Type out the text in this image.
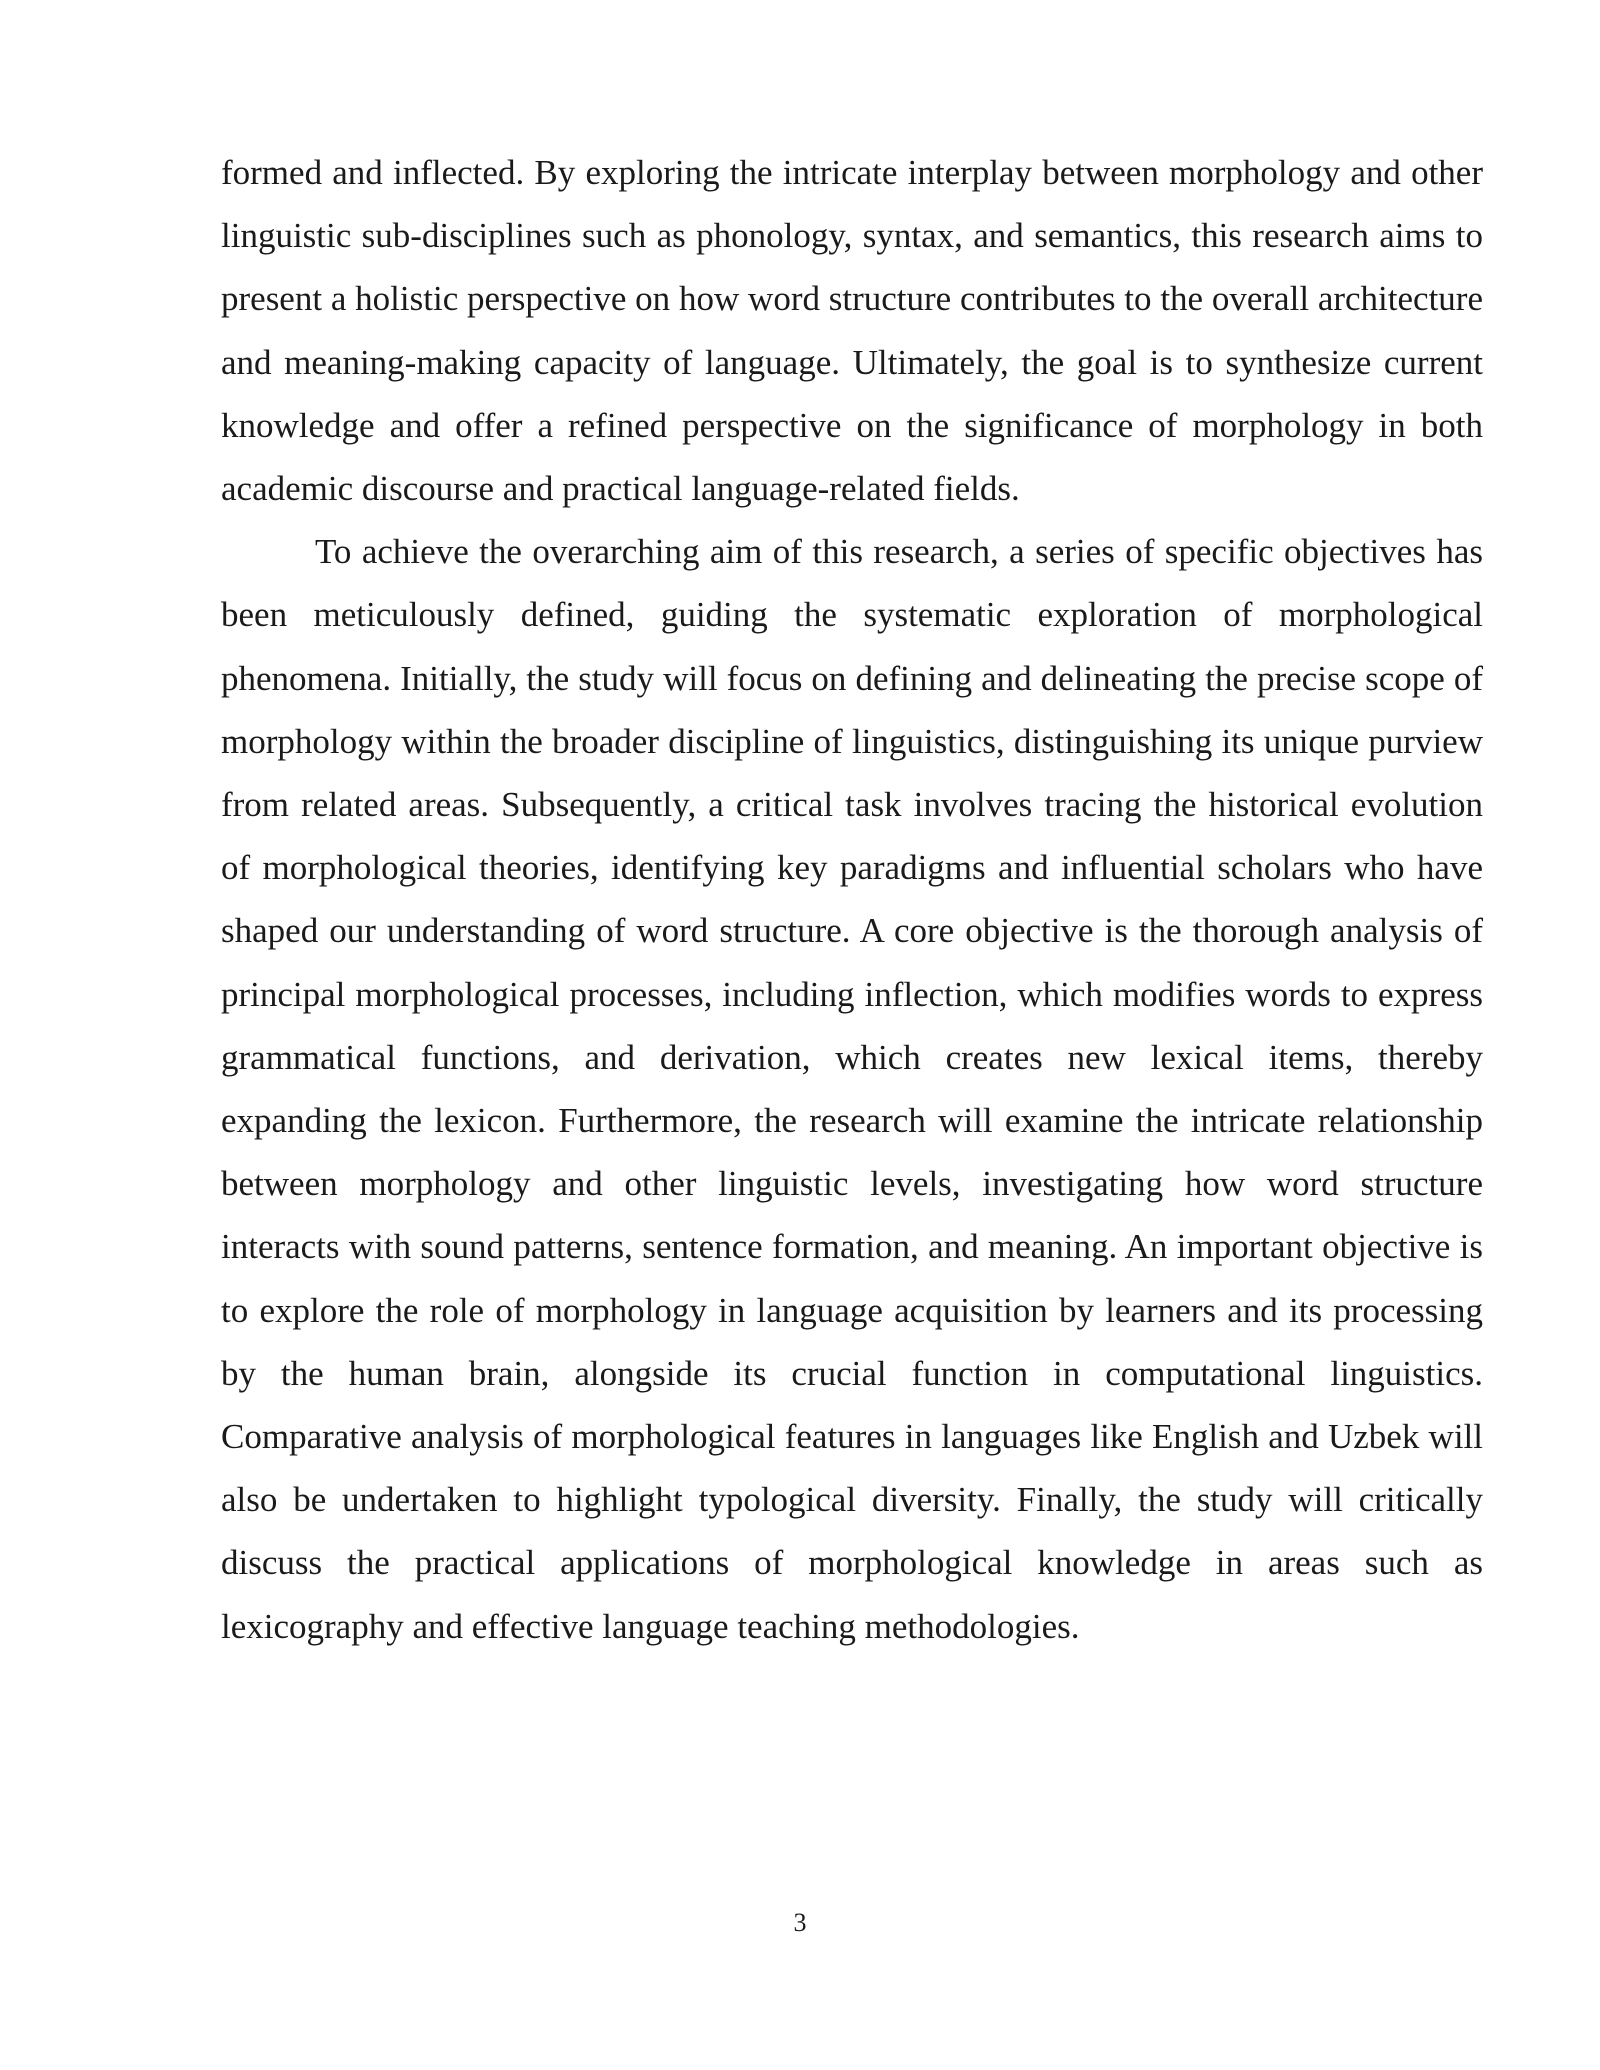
formed and inflected. By exploring the intricate interplay between morphology and other linguistic sub-disciplines such as phonology, syntax, and semantics, this research aims to present a holistic perspective on how word structure contributes to the overall architecture and meaning-making capacity of language. Ultimately, the goal is to synthesize current knowledge and offer a refined perspective on the significance of morphology in both academic discourse and practical language-related fields.

To achieve the overarching aim of this research, a series of specific objectives has been meticulously defined, guiding the systematic exploration of morphological phenomena. Initially, the study will focus on defining and delineating the precise scope of morphology within the broader discipline of linguistics, distinguishing its unique purview from related areas. Subsequently, a critical task involves tracing the historical evolution of morphological theories, identifying key paradigms and influential scholars who have shaped our understanding of word structure. A core objective is the thorough analysis of principal morphological processes, including inflection, which modifies words to express grammatical functions, and derivation, which creates new lexical items, thereby expanding the lexicon. Furthermore, the research will examine the intricate relationship between morphology and other linguistic levels, investigating how word structure interacts with sound patterns, sentence formation, and meaning. An important objective is to explore the role of morphology in language acquisition by learners and its processing by the human brain, alongside its crucial function in computational linguistics. Comparative analysis of morphological features in languages like English and Uzbek will also be undertaken to highlight typological diversity. Finally, the study will critically discuss the practical applications of morphological knowledge in areas such as lexicography and effective language teaching methodologies.

3
